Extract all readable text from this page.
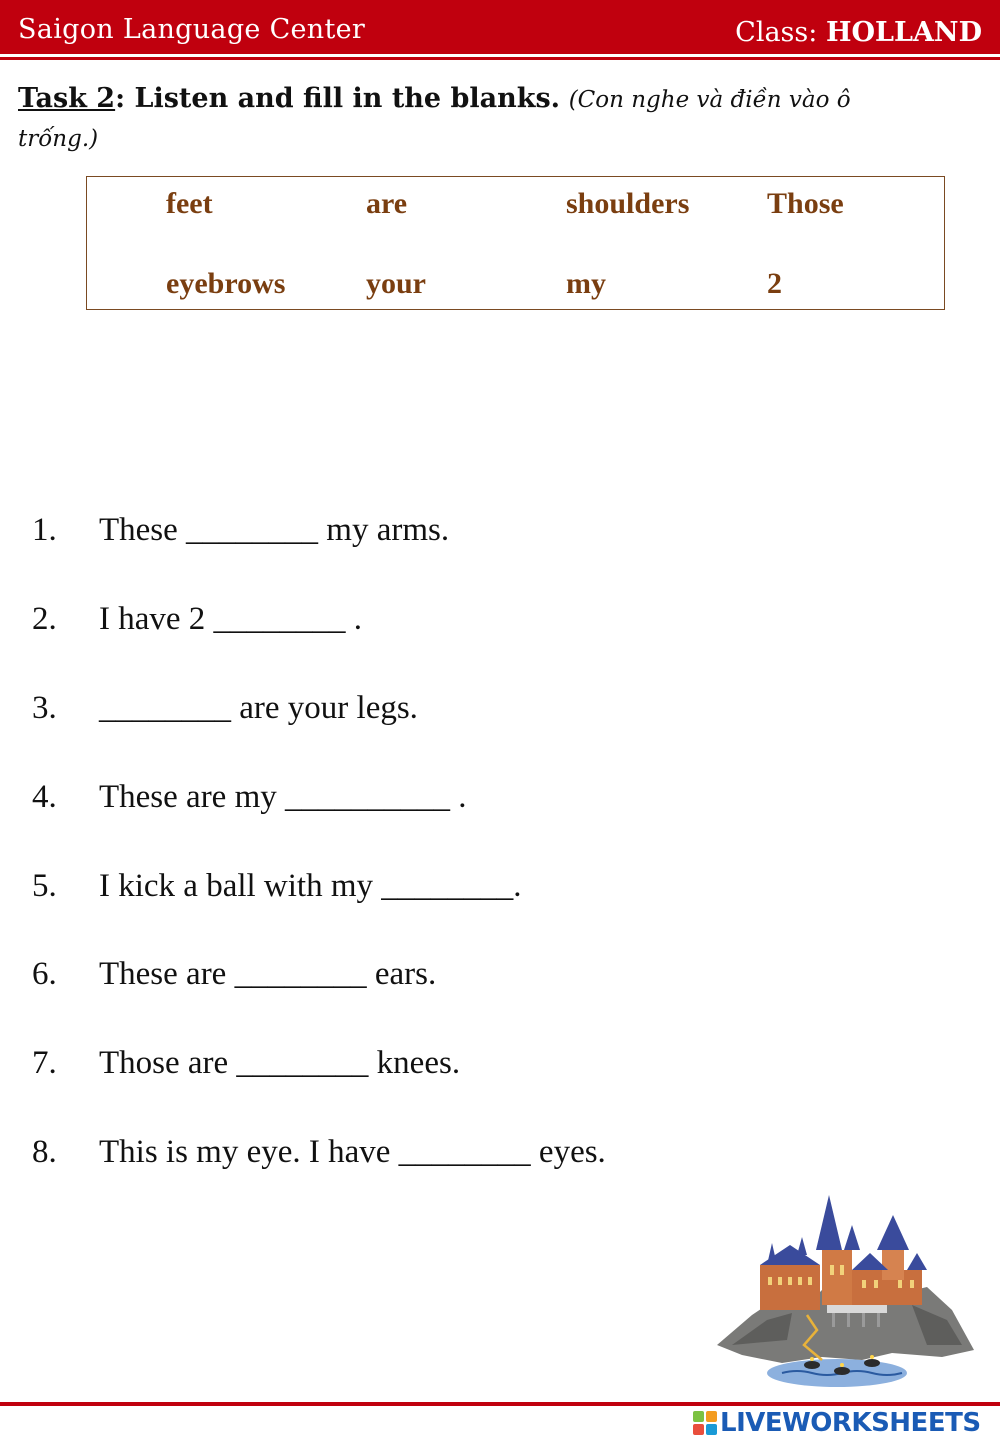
Saigon Language Center	Class: HOLLAND
Task 2: Listen and fill in the blanks. (Con nghe và điền vào ô trống.)
feet	are	shoulders	Those
eyebrows	your	my	2
1. These ________ my arms.
2. I have 2 ________ .
3. ________ are your legs.
4. These are my __________ .
5. I kick a ball with my ________.
6. These are ________ ears.
7. Those are ________ knees.
8. This is my eye. I have ________ eyes.
LIVEWORKSHEETS
